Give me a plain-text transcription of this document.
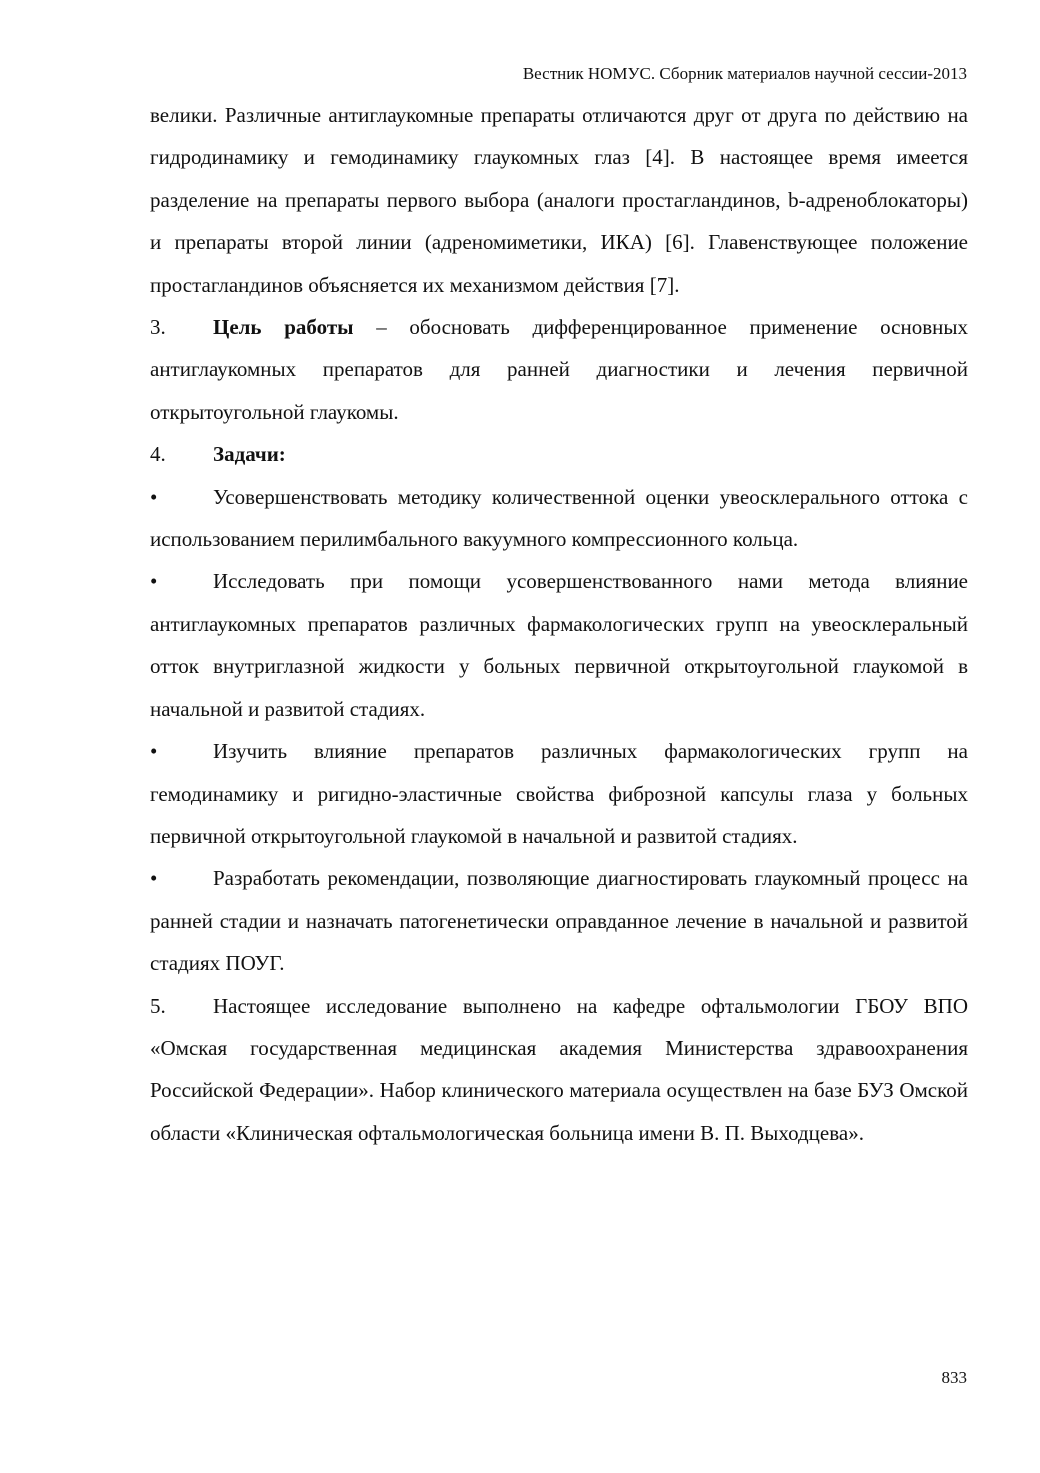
Вестник НОМУС. Сборник материалов научной сессии-2013

велики. Различные антиглаукомные препараты отличаются друг от друга по действию на гидродинамику и гемодинамику глаукомных глаз [4]. В настоящее время имеется разделение на препараты первого выбора (аналоги простагландинов, b-адреноблокаторы) и препараты второй линии (адреномиметики, ИКА) [6]. Главенствующее положение простагландинов объясняется их механизмом действия [7].

3. Цель работы – обосновать дифференцированное применение основных антиглаукомных препаратов для ранней диагностики и лечения первичной открытоугольной глаукомы.

4. Задачи:

•	Усовершенствовать методику количественной оценки увеосклерального оттока с использованием перилимбального вакуумного компрессионного кольца.

•	Исследовать при помощи усовершенствованного нами метода влияние антиглаукомных препаратов различных фармакологических групп на увеосклеральный отток внутриглазной жидкости у больных первичной открытоугольной глаукомой в начальной и развитой стадиях.

•	Изучить влияние препаратов различных фармакологических групп на гемодинамику и ригидно-эластичные свойства фиброзной капсулы глаза у больных первичной открытоугольной глаукомой в начальной и развитой стадиях.

•	Разработать рекомендации, позволяющие диагностировать глаукомный процесс на ранней стадии и назначать патогенетически оправданное лечение в начальной и развитой стадиях ПОУГ.

5. Настоящее исследование выполнено на кафедре офтальмологии ГБОУ ВПО «Омская государственная медицинская академия Министерства здравоохранения Российской Федерации». Набор клинического материала осуществлен на базе БУЗ Омской области «Клиническая офтальмологическая больница имени В. П. Выходцева».

833
